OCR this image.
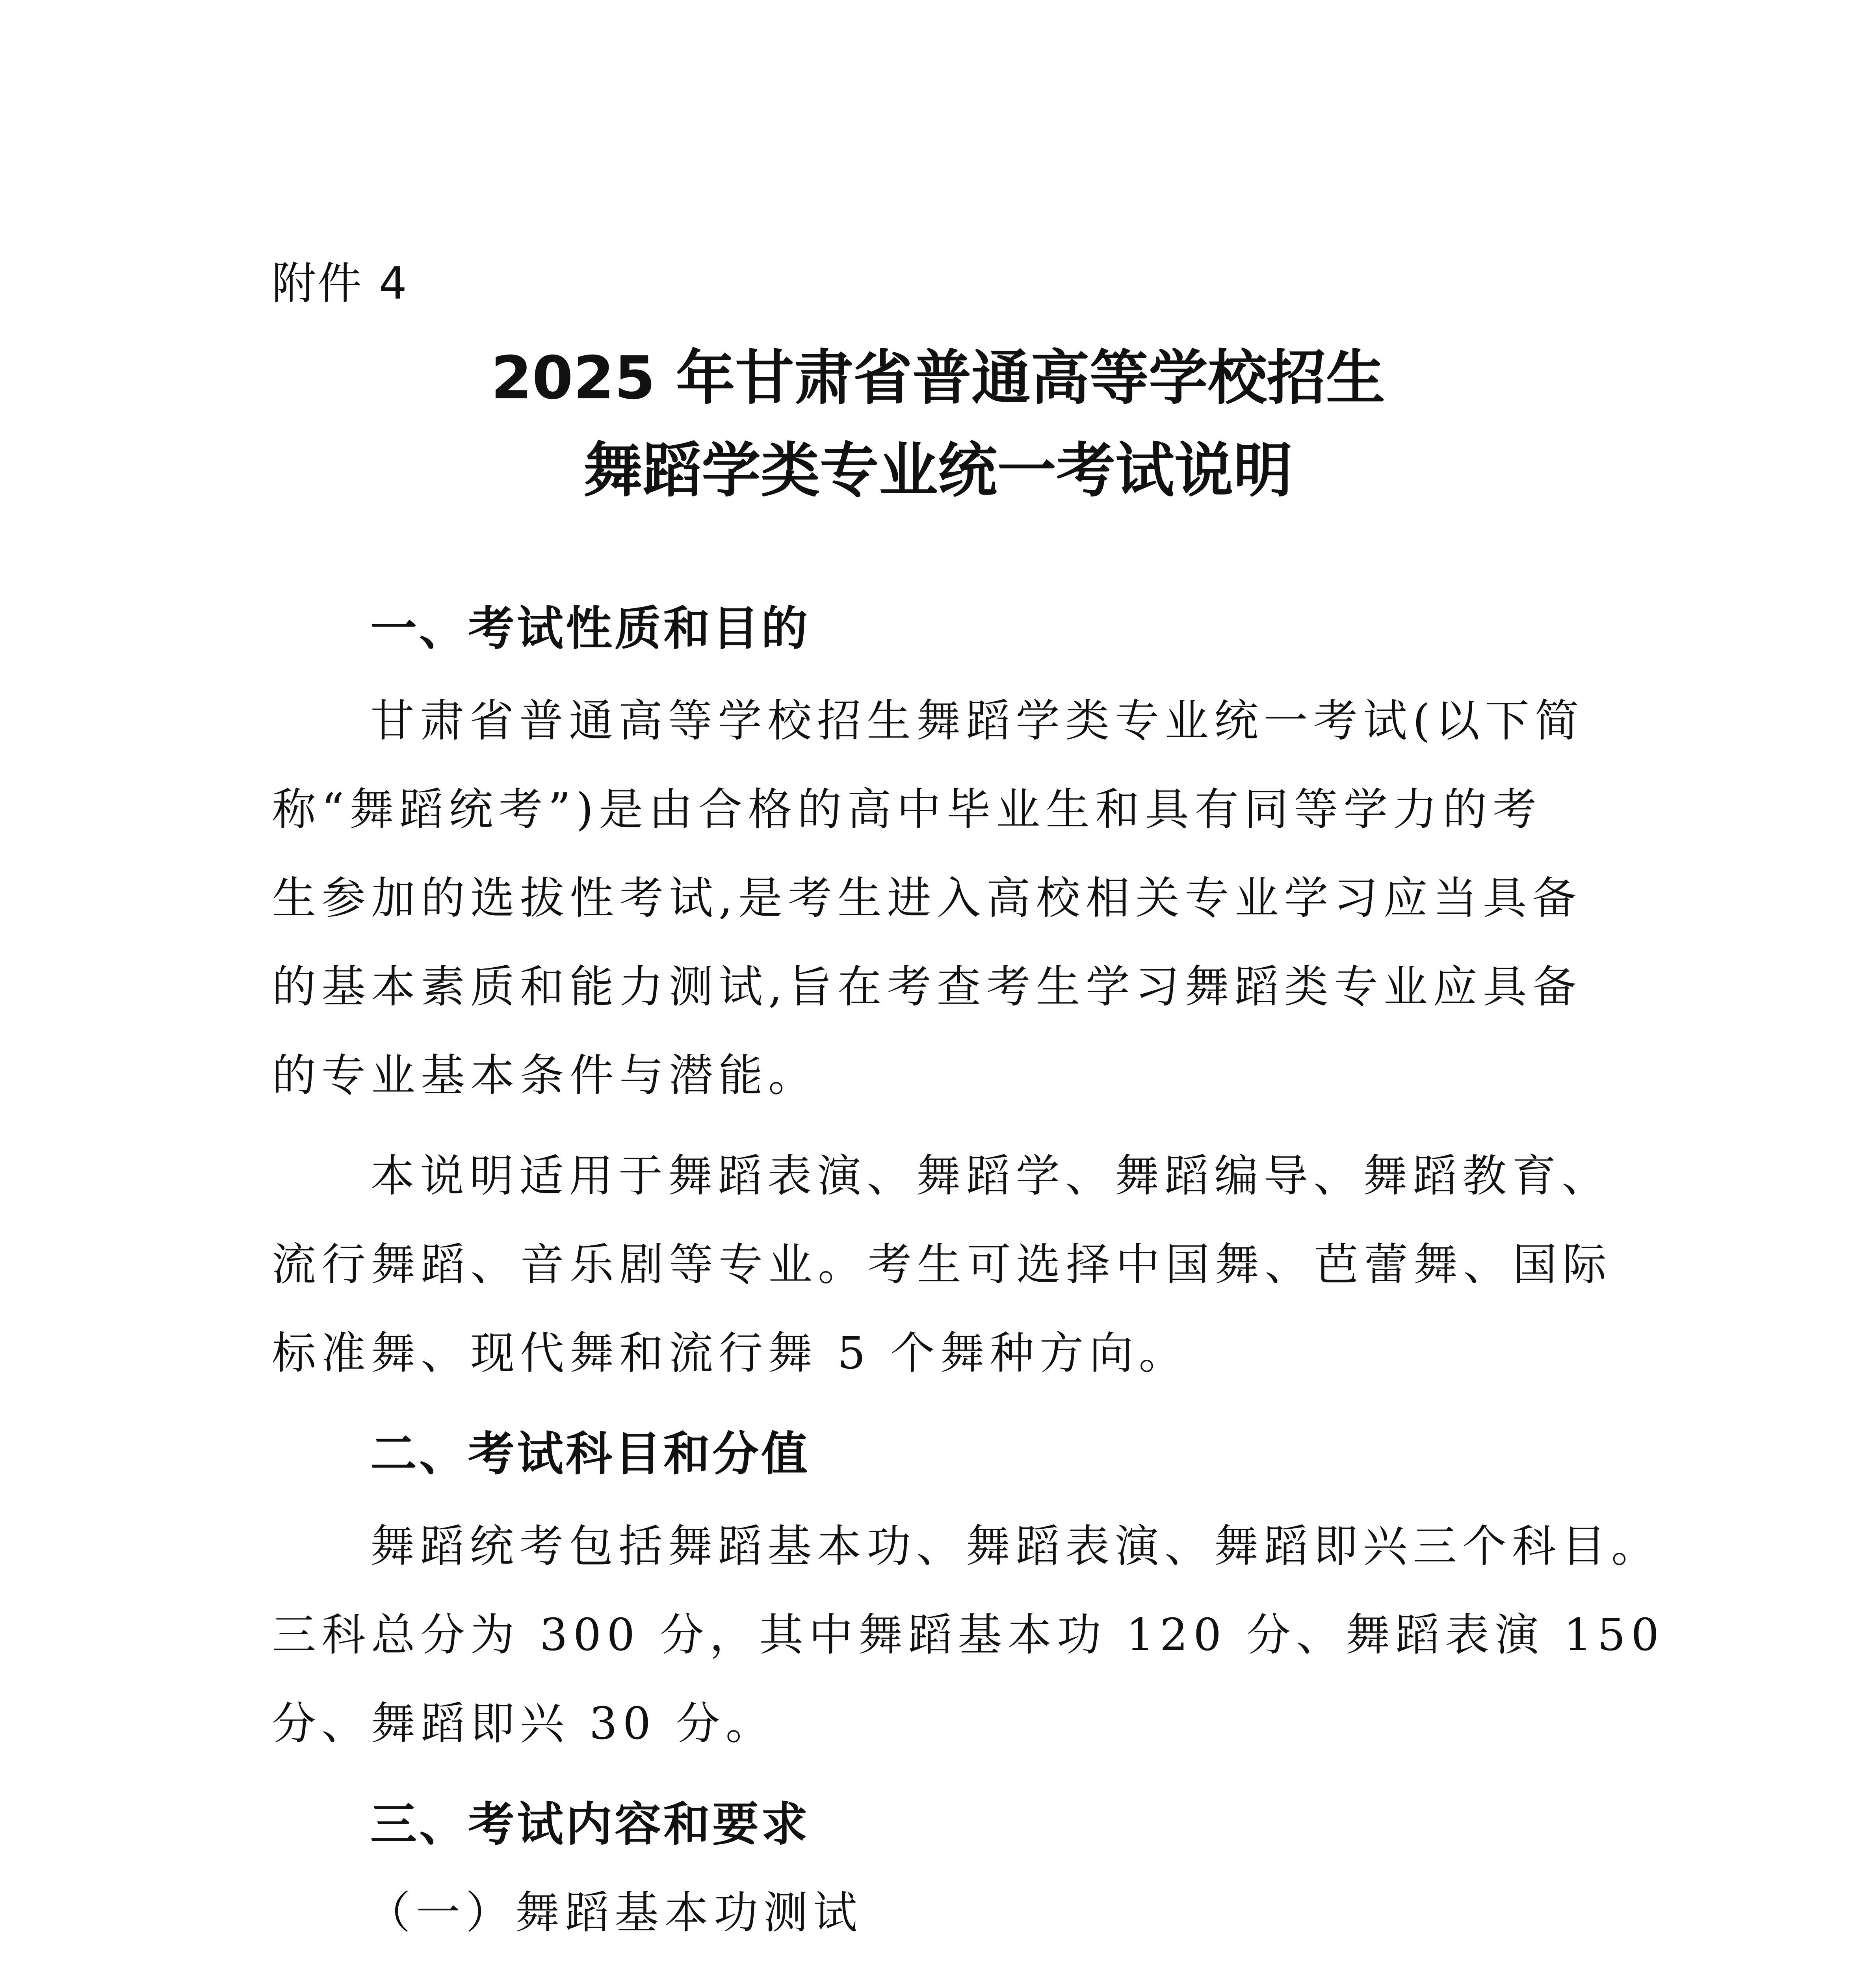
附件 4
2025 年甘肃省普通高等学校招生
舞蹈学类专业统一考试说明
一、考试性质和目的
甘肃省普通高等学校招生舞蹈学类专业统一考试(以下简
称“舞蹈统考”)是由合格的高中毕业生和具有同等学力的考
生参加的选拔性考试,是考生进入高校相关专业学习应当具备
的基本素质和能力测试,旨在考查考生学习舞蹈类专业应具备
的专业基本条件与潜能。
本说明适用于舞蹈表演、舞蹈学、舞蹈编导、舞蹈教育、
流行舞蹈、音乐剧等专业。考生可选择中国舞、芭蕾舞、国际
标准舞、现代舞和流行舞 5 个舞种方向。
二、考试科目和分值
舞蹈统考包括舞蹈基本功、舞蹈表演、舞蹈即兴三个科目。
三科总分为 300 分，其中舞蹈基本功 120 分、舞蹈表演 150
分、舞蹈即兴 30 分。
三、考试内容和要求
（一）舞蹈基本功测试
